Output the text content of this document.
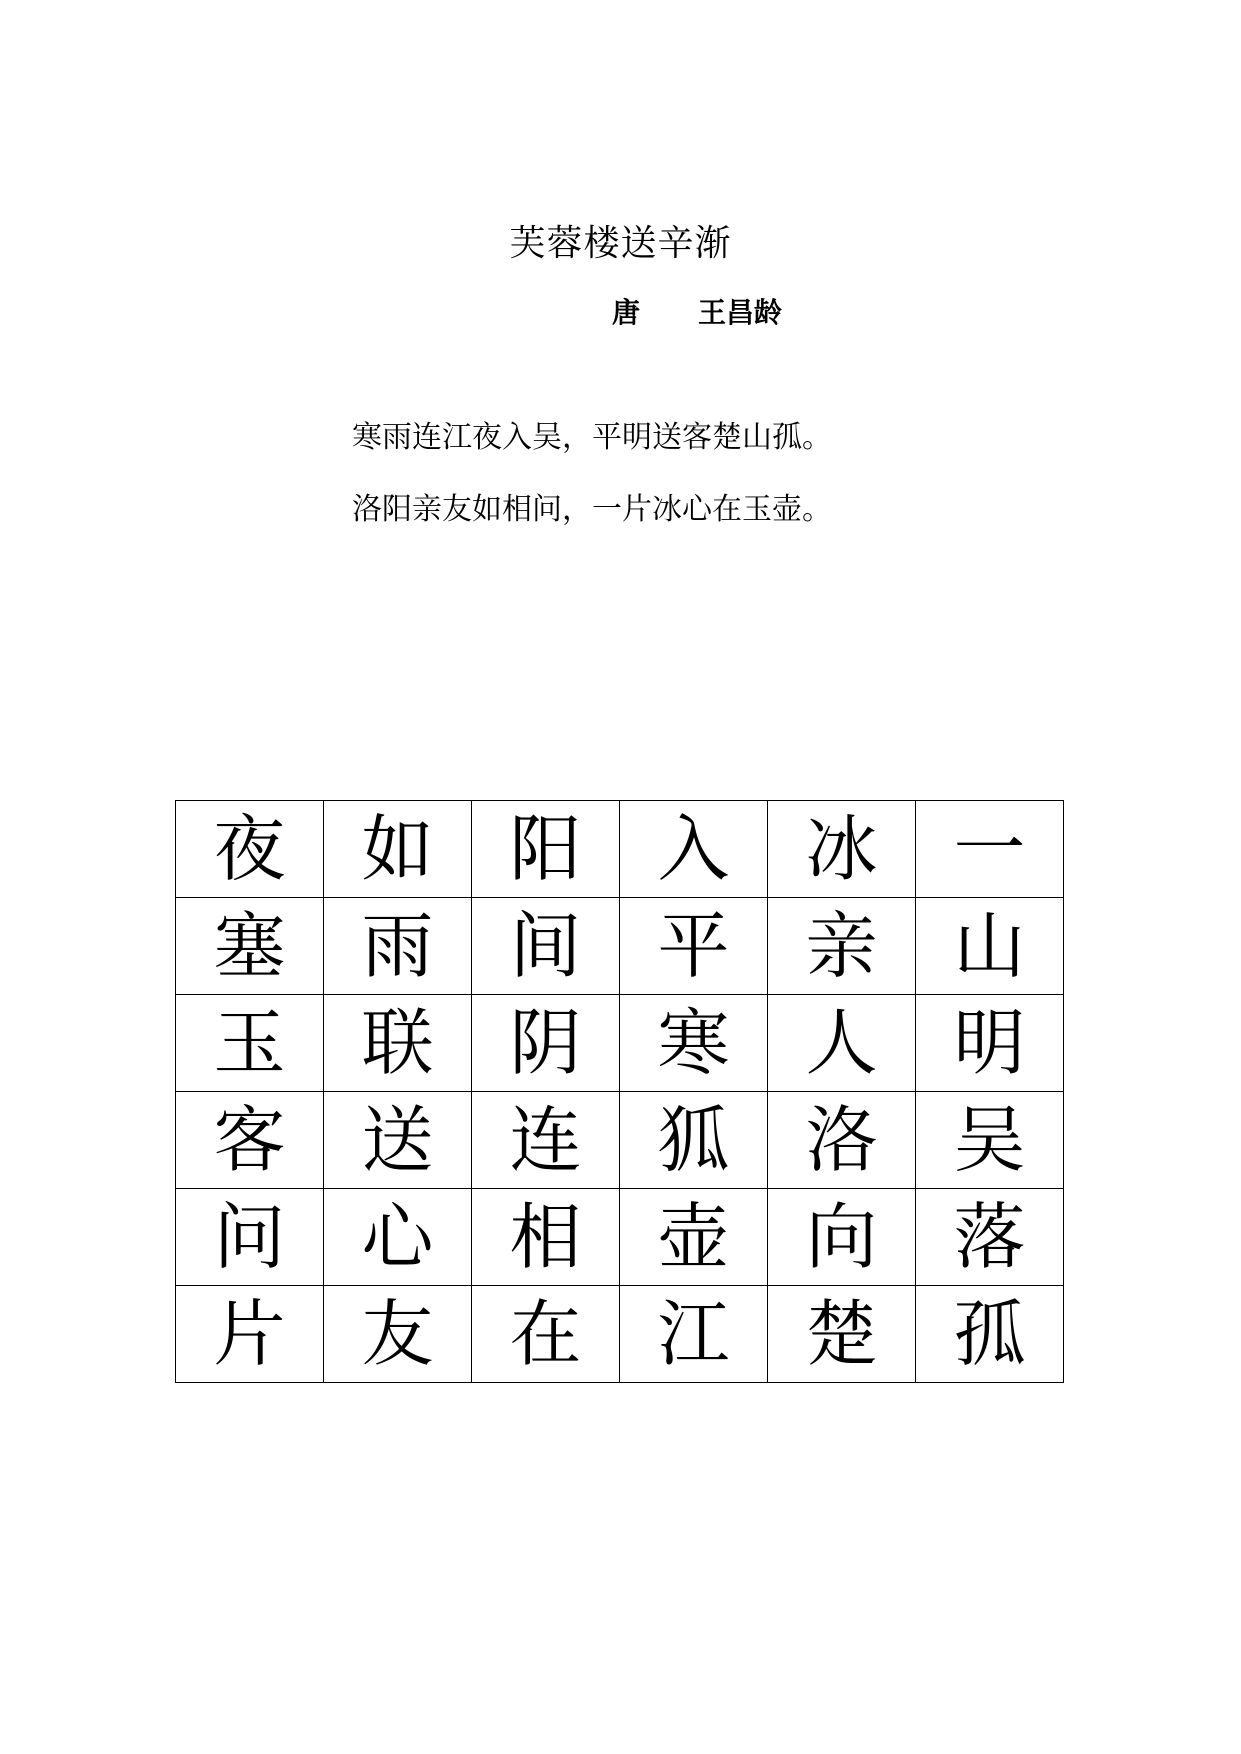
芙蓉楼送辛渐
唐 王昌龄
寒雨连江夜入吴，平明送客楚山孤。
洛阳亲友如相问，一片冰心在玉壶。
夜	如	阳	入	冰	一
塞	雨	间	平	亲	山
玉	联	阴	寒	人	明
客	送	连	狐	洛	吴
问	心	相	壶	向	落
片	友	在	江	楚	孤
